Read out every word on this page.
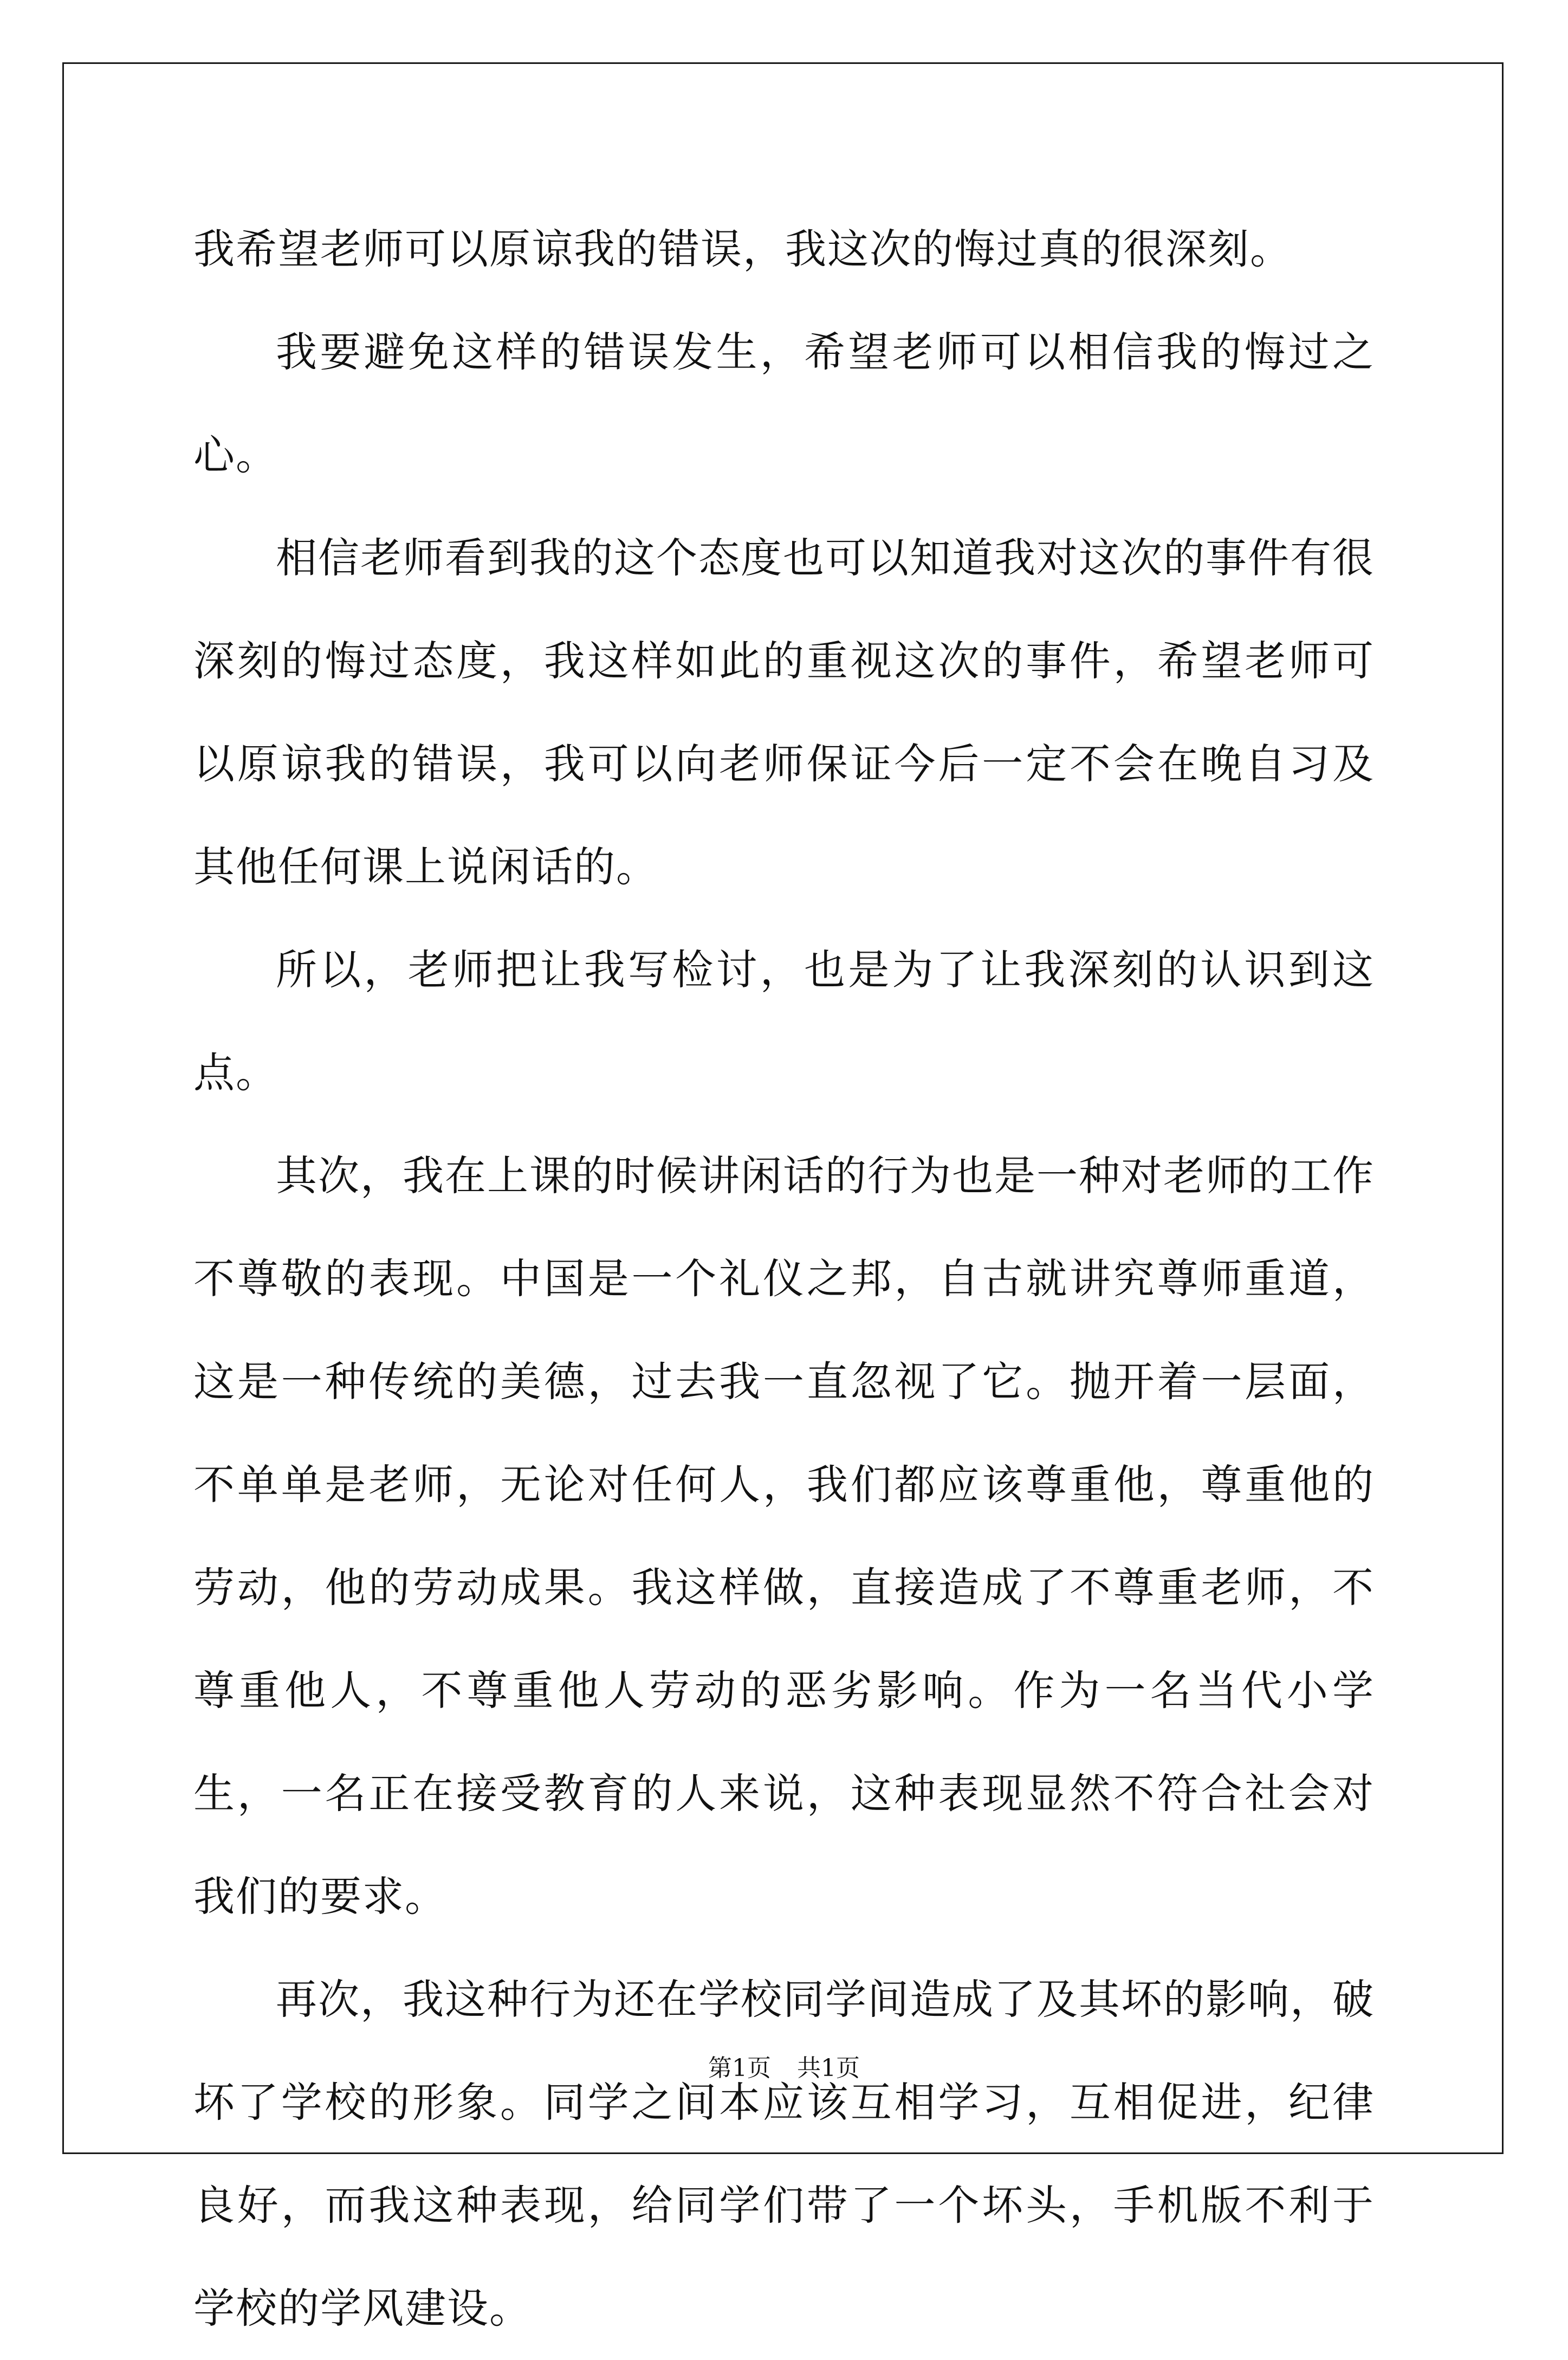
我希望老师可以原谅我的错误，我这次的悔过真的很深刻。

我要避免这样的错误发生，希望老师可以相信我的悔过之心。

相信老师看到我的这个态度也可以知道我对这次的事件有很深刻的悔过态度，我这样如此的重视这次的事件，希望老师可以原谅我的错误，我可以向老师保证今后一定不会在晚自习及其他任何课上说闲话的。

所以，老师把让我写检讨，也是为了让我深刻的认识到这点。

其次，我在上课的时候讲闲话的行为也是一种对老师的工作不尊敬的表现。中国是一个礼仪之邦，自古就讲究尊师重道，这是一种传统的美德，过去我一直忽视了它。抛开着一层面，不单单是老师，无论对任何人，我们都应该尊重他，尊重他的劳动，他的劳动成果。我这样做，直接造成了不尊重老师，不尊重他人，不尊重他人劳动的恶劣影响。作为一名当代小学生，一名正在接受教育的人来说，这种表现显然不符合社会对我们的要求。

再次，我这种行为还在学校同学间造成了及其坏的影响，破坏了学校的形象。同学之间本应该互相学习，互相促进，纪律良好，而我这种表现，给同学们带了一个坏头，手机版不利于学校的学风建设。

第1页 共1页
